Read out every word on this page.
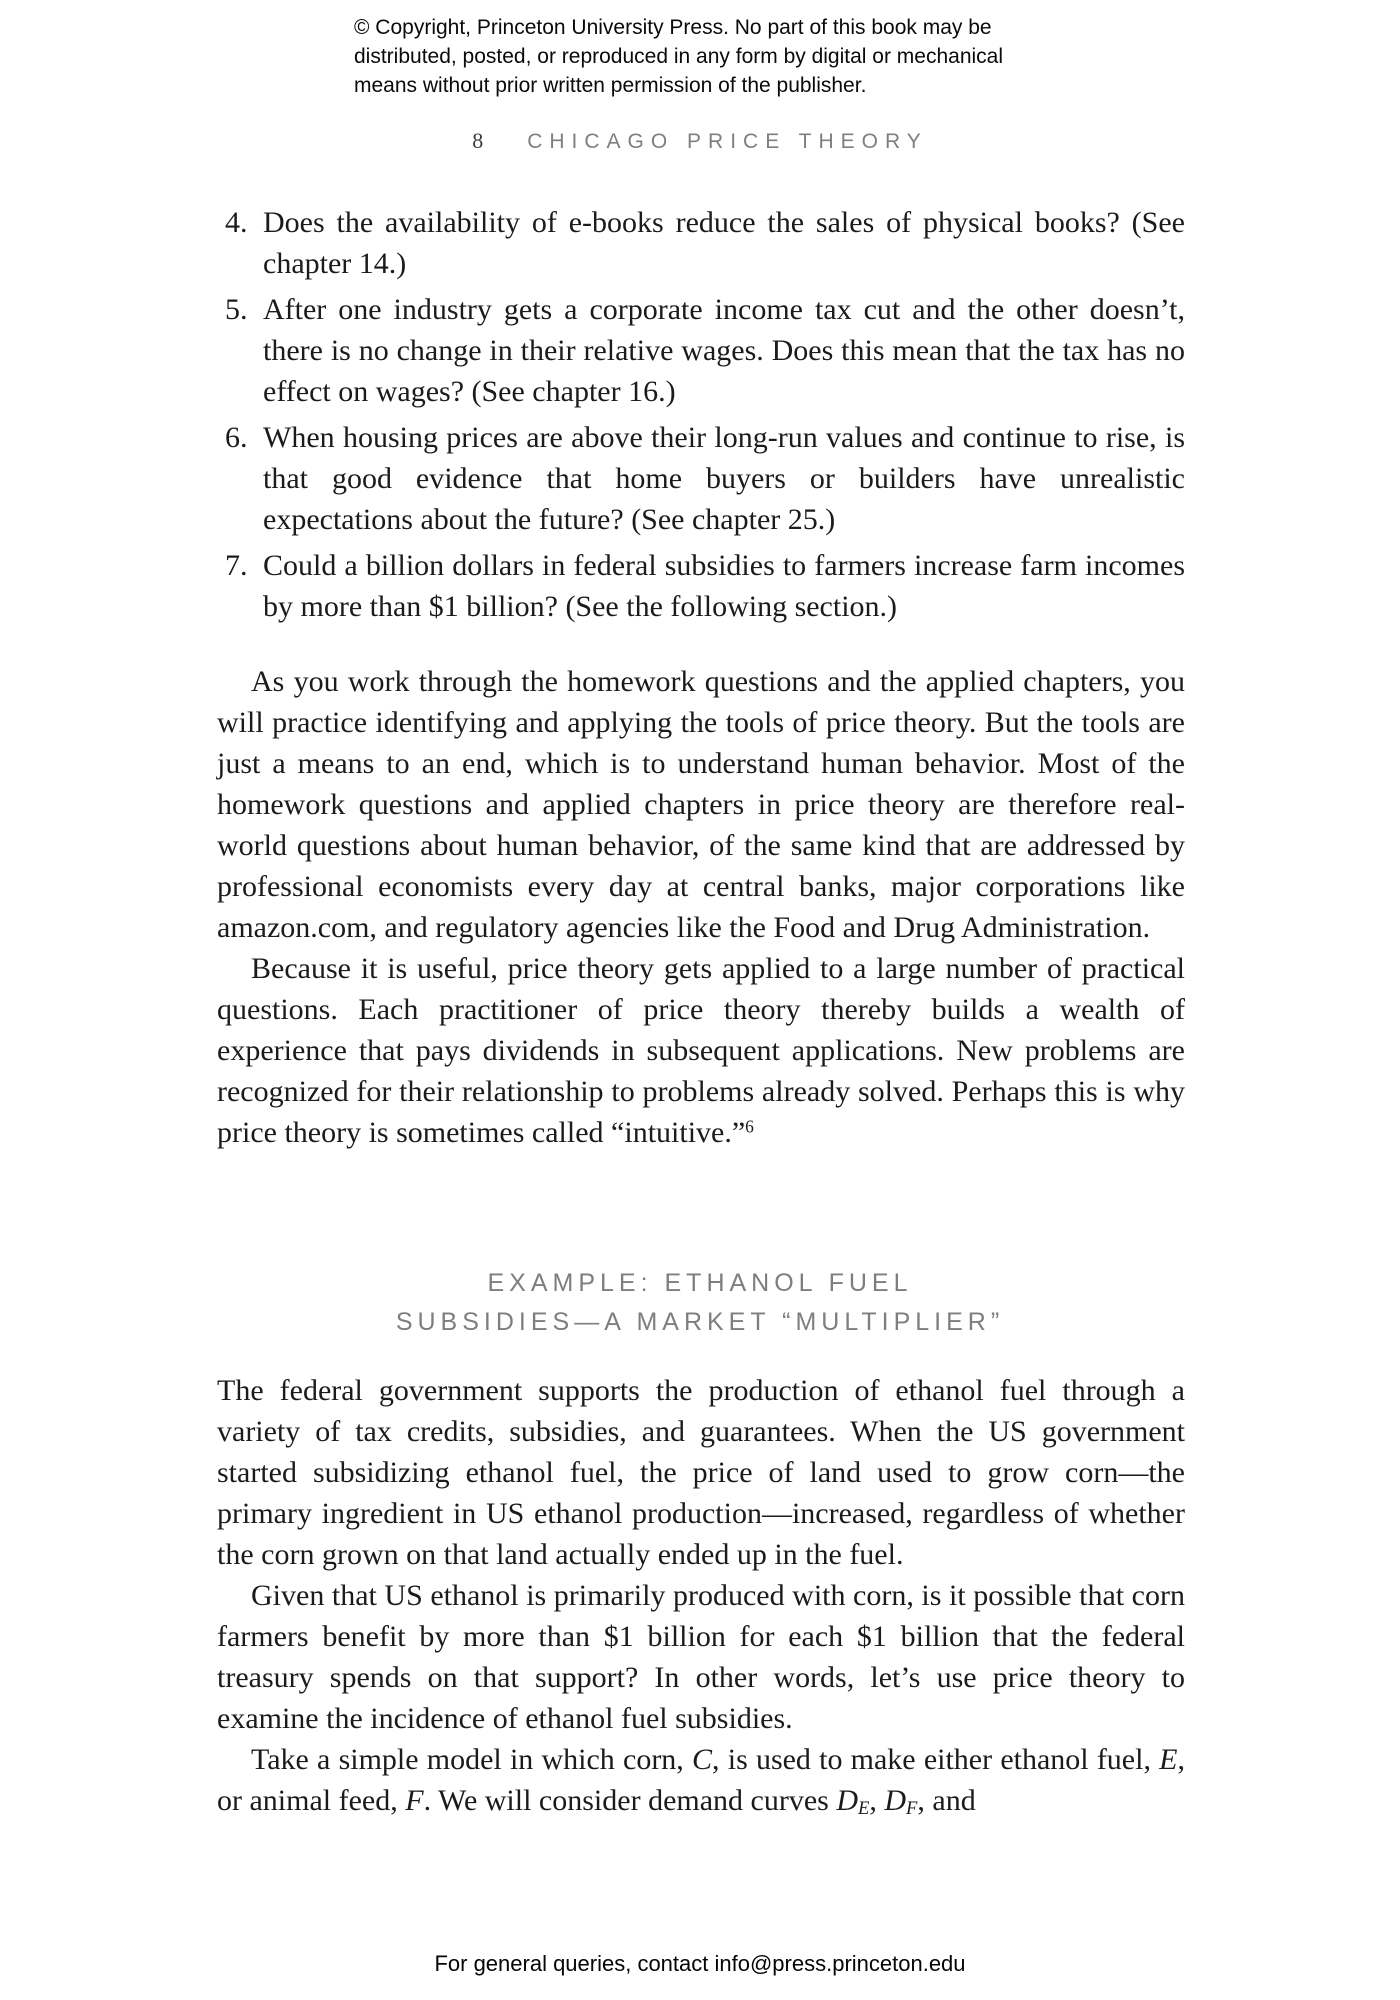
© Copyright, Princeton University Press. No part of this book may be
distributed, posted, or reproduced in any form by digital or mechanical
means without prior written permission of the publisher.
8 CHICAGO PRICE THEORY
4. Does the availability of e-books reduce the sales of physical books? (See chapter 14.)
5. After one industry gets a corporate income tax cut and the other doesn’t, there is no change in their relative wages. Does this mean that the tax has no effect on wages? (See chapter 16.)
6. When housing prices are above their long-run values and continue to rise, is that good evidence that home buyers or builders have unrealistic expectations about the future? (See chapter 25.)
7. Could a billion dollars in federal subsidies to farmers increase farm incomes by more than $1 billion? (See the following section.)

As you work through the homework questions and the applied chapters, you will practice identifying and applying the tools of price theory. But the tools are just a means to an end, which is to understand human behavior. Most of the homework questions and applied chapters in price theory are therefore real-world questions about human behavior, of the same kind that are addressed by professional economists every day at central banks, major corporations like amazon.com, and regulatory agencies like the Food and Drug Administration.

Because it is useful, price theory gets applied to a large number of practical questions. Each practitioner of price theory thereby builds a wealth of experience that pays dividends in subsequent applications. New problems are recognized for their relationship to problems already solved. Perhaps this is why price theory is sometimes called “intuitive.”$^6$

EXAMPLE: ETHANOL FUEL
SUBSIDIES—A MARKET “MULTIPLIER”

The federal government supports the production of ethanol fuel through a variety of tax credits, subsidies, and guarantees. When the US government started subsidizing ethanol fuel, the price of land used to grow corn—the primary ingredient in US ethanol production—increased, regardless of whether the corn grown on that land actually ended up in the fuel.

Given that US ethanol is primarily produced with corn, is it possible that corn farmers benefit by more than $1 billion for each $1 billion that the federal treasury spends on that support? In other words, let’s use price theory to examine the incidence of ethanol fuel subsidies.

Take a simple model in which corn, C, is used to make either ethanol fuel, E, or animal feed, F. We will consider demand curves DE, DF, and

For general queries, contact info@press.princeton.edu
